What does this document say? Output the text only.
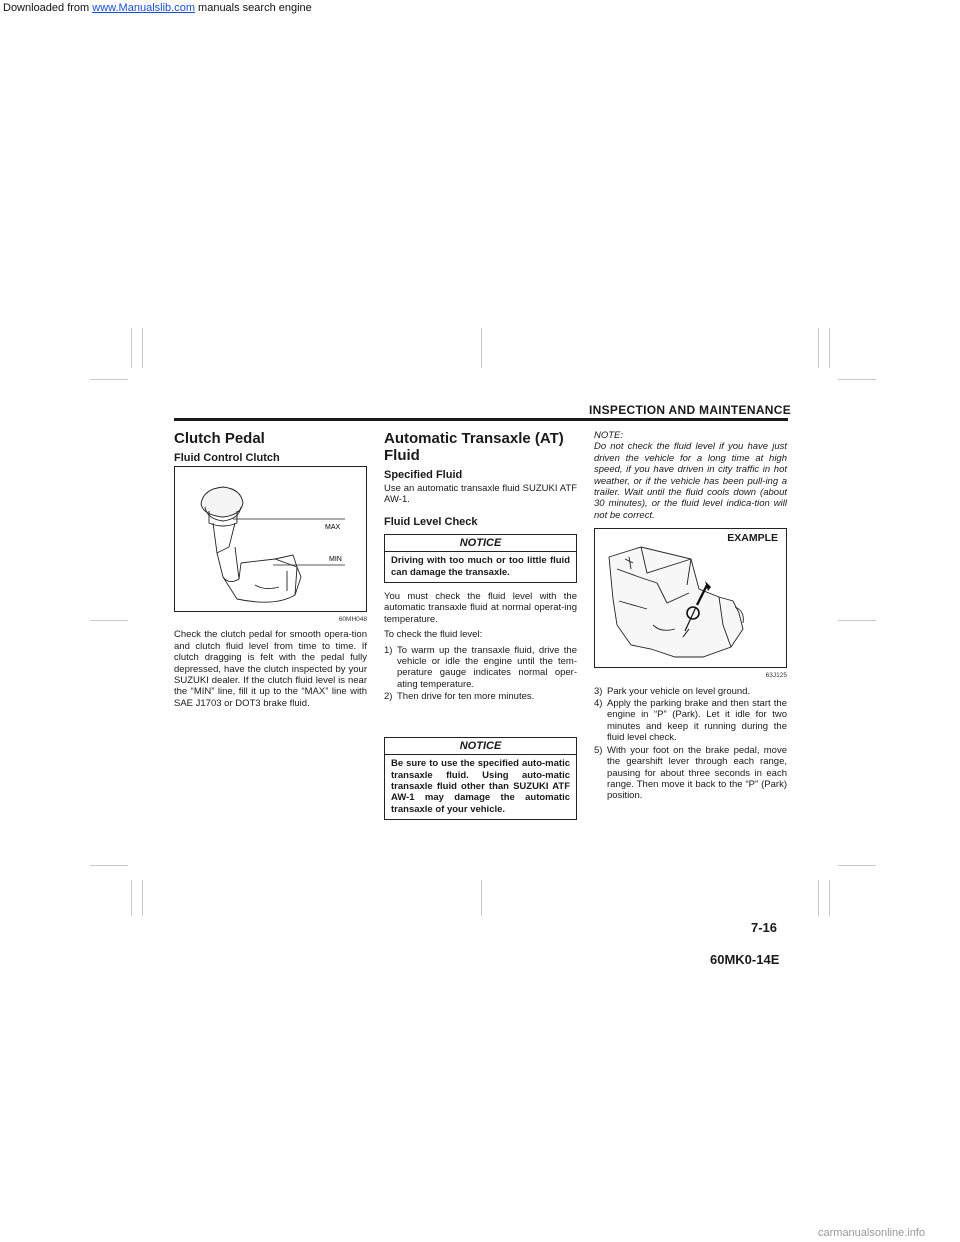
Downloaded from www.Manualslib.com manuals search engine
INSPECTION AND MAINTENANCE
Clutch Pedal
Fluid Control Clutch
MAX
MIN
60MH048

Check the clutch pedal for smooth opera-tion and clutch fluid level from time to time. If clutch dragging is felt with the pedal fully depressed, have the clutch inspected by your SUZUKI dealer. If the clutch fluid level is near the “MIN” line, fill it up to the “MAX” line with SAE J1703 or DOT3 brake fluid.

Automatic Transaxle (AT) Fluid
Specified Fluid

Use an automatic transaxle fluid SUZUKI ATF AW-1.

Fluid Level Check
NOTICE
Driving with too much or too little fluid can damage the transaxle.

You must check the fluid level with the automatic transaxle fluid at normal operat-ing temperature.

To check the fluid level:

1) To warm up the transaxle fluid, drive the vehicle or idle the engine until the tem-perature gauge indicates normal oper-ating temperature.
2) Then drive for ten more minutes.
NOTICE
Be sure to use the specified auto-matic transaxle fluid. Using auto-matic transaxle fluid other than SUZUKI ATF AW-1 may damage the automatic transaxle of your vehicle.
NOTE:
Do not check the fluid level if you have just driven the vehicle for a long time at high speed, if you have driven in city traffic in hot weather, or if the vehicle has been pull-ing a trailer. Wait until the fluid cools down (about 30 minutes), or the fluid level indica-tion will not be correct.
EXAMPLE
63J125
3) Park your vehicle on level ground.
4) Apply the parking brake and then start the engine in “P” (Park). Let it idle for two minutes and keep it running during the fluid level check.
5) With your foot on the brake pedal, move the gearshift lever through each range, pausing for about three seconds in each range. Then move it back to the “P” (Park) position.
7-16
60MK0-14E
carmanualsonline.info
